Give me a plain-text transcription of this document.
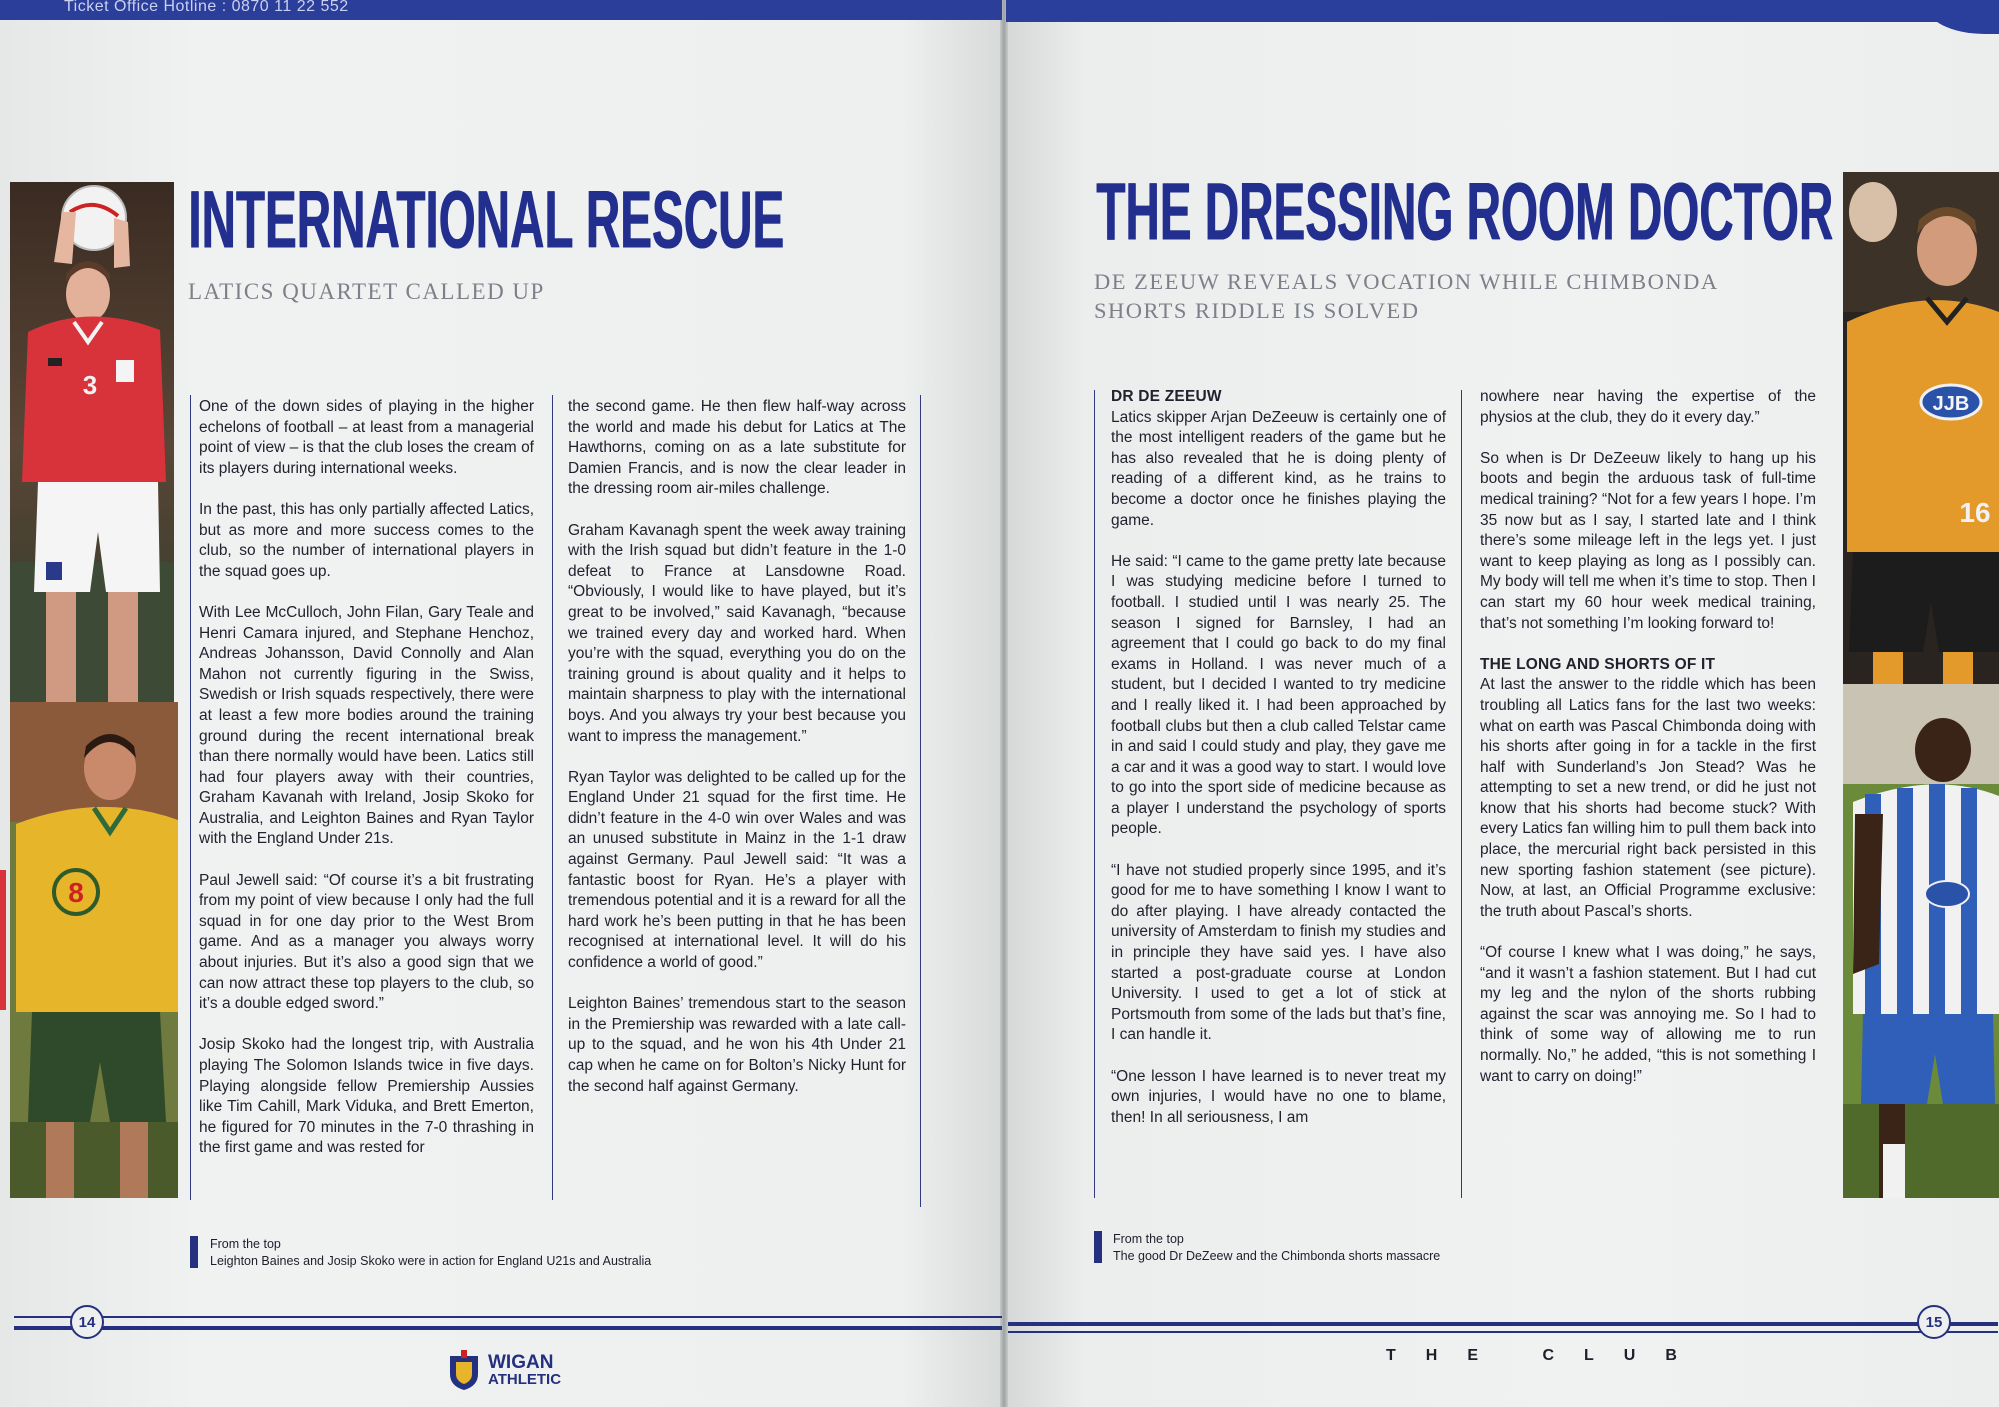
Ticket Office Hotline : 0870 11 22 552
3
8
INTERNATIONAL RESCUE
LATICS QUARTET CALLED UP

One of the down sides of playing in the higher echelons of football – at least from a managerial point of view – is that the club loses the cream of its players during international weeks.

In the past, this has only partially affected Latics, but as more and more success comes to the club, so the number of international players in the squad goes up.

With Lee McCulloch, John Filan, Gary Teale and Henri Camara injured, and Stephane Henchoz, Andreas Johansson, David Connolly and Alan Mahon not currently figuring in the Swiss, Swedish or Irish squads respectively, there were at least a few more bodies around the training ground during the recent international break than there normally would have been. Latics still had four players away with their countries, Graham Kavanah with Ireland, Josip Skoko for Australia, and Leighton Baines and Ryan Taylor with the England Under 21s.

Paul Jewell said: “Of course it’s a bit frustrating from my point of view because I only had the full squad in for one day prior to the West Brom game. And as a manager you always worry about injuries. But it’s also a good sign that we can now attract these top players to the club, so it’s a double edged sword.”

Josip Skoko had the longest trip, with Australia playing The Solomon Islands twice in five days. Playing alongside fellow Premiership Aussies like Tim Cahill, Mark Viduka, and Brett Emerton, he figured for 70 minutes in the 7-0 thrashing in the first game and was rested for

the second game. He then flew half-way across the world and made his debut for Latics at The Hawthorns, coming on as a late substitute for Damien Francis, and is now the clear leader in the dressing room air-miles challenge.

Graham Kavanagh spent the week away training with the Irish squad but didn’t feature in the 1-0 defeat to France at Lansdowne Road. “Obviously, I would like to have played, but it’s great to be involved,” said Kavanagh, “because we trained every day and worked hard. When you’re with the squad, everything you do on the training ground is about quality and it helps to maintain sharpness to play with the international boys. And you always try your best because you want to impress the management.”

Ryan Taylor was delighted to be called up for the England Under 21 squad for the first time. He didn’t feature in the 4-0 win over Wales and was an unused substitute in Mainz in the 1-1 draw against Germany. Paul Jewell said: “It was a fantastic boost for Ryan. He’s a player with tremendous potential and it is a reward for all the hard work he’s been putting in that he has been recognised at international level. It will do his confidence a world of good.”

Leighton Baines’ tremendous start to the season in the Premiership was rewarded with a late call-up to the squad, and he won his 4th Under 21 cap when he came on for Bolton’s Nicky Hunt for the second half against Germany.

From the top
Leighton Baines and Josip Skoko were in action for England U21s and Australia
14
WIGAN
ATHLETIC
JJB
16
THE DRESSING ROOM DOCTOR
DE ZEEUW REVEALS VOCATION WHILE CHIMBONDA
SHORTS RIDDLE IS SOLVED

DR DE ZEEUW

Latics skipper Arjan DeZeeuw is certainly one of the most intelligent readers of the game but he has also revealed that he is doing plenty of reading of a different kind, as he trains to become a doctor once he finishes playing the game.

He said: “I came to the game pretty late because I was studying medicine before I turned to football. I studied until I was nearly 25. The season I signed for Barnsley, I had an agreement that I could go back to do my final exams in Holland. I was never much of a student, but I decided I wanted to try medicine and I really liked it. I had been approached by football clubs but then a club called Telstar came in and said I could study and play, they gave me a car and it was a good way to start. I would love to go into the sport side of medicine because as a player I understand the psychology of sports people.

“I have not studied properly since 1995, and it’s good for me to have something I know I want to do after playing. I have already contacted the university of Amsterdam to finish my studies and in principle they have said yes. I have also started a post-graduate course at London University. I used to get a lot of stick at Portsmouth from some of the lads but that’s fine, I can handle it.

“One lesson I have learned is to never treat my own injuries, I would have no one to blame, then! In all seriousness, I am

nowhere near having the expertise of the physios at the club, they do it every day.”

So when is Dr DeZeeuw likely to hang up his boots and begin the arduous task of full-time medical training? “Not for a few years I hope. I’m 35 now but as I say, I started late and I think there’s some mileage left in the legs yet. I just want to keep playing as long as I possibly can. My body will tell me when it’s time to stop. Then I can start my 60 hour week medical training, that’s not something I’m looking forward to!

THE LONG AND SHORTS OF IT

At last the answer to the riddle which has been troubling all Latics fans for the last two weeks: what on earth was Pascal Chimbonda doing with his shorts after going in for a tackle in the first half with Sunderland’s Jon Stead? Was he attempting to set a new trend, or did he just not know that his shorts had become stuck? With every Latics fan willing him to pull them back into place, the mercurial right back persisted in this new sporting fashion statement (see picture). Now, at last, an Official Programme exclusive: the truth about Pascal’s shorts.

“Of course I knew what I was doing,” he says, “and it wasn’t a fashion statement. But I had cut my leg and the nylon of the shorts rubbing against the scar was annoying me. So I had to think of some way of allowing me to run normally. No,” he added, “this is not something I want to carry on doing!”

From the top
The good Dr DeZeew and the Chimbonda shorts massacre
15
THE CLUB
